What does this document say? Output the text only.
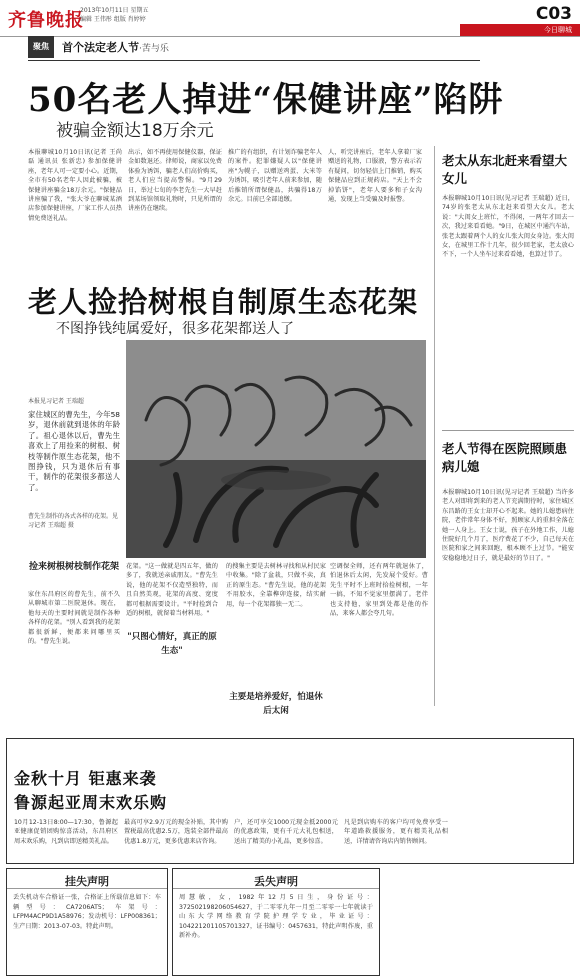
齐鲁晚报
2013年10月11日 星期五
编辑 王伟彤 组版 肖婷婷	C03
今日聊城
聚焦	首个法定老人节·苦与乐
50名老人掉进“保健讲座”陷阱
被骗金额达18万余元
本报聊城10月10日讯(记者 王尚磊 通讯员 张新忠) 参加保健讲座，老年人可一定要小心。近期，全市有50名老年人因此被骗，被保健讲座骗金18万余元。"保健品讲座骗了我，"张大爷在聊城某酒店参加保健讲座，厂家工作人员热情免费送礼品。
出示，如不再使用保健仪器，保证金如数退还。律师说，商家以免费体验为诱饵，骗老人们高价购买，老人们应当提高警惕。"9月29日，举过七旬的李老先生一大早赶到某场馆领取礼物时，只见所谓的讲座仍在继续。
推广的有组织，有计划诈骗老年人的案件。犯罪嫌疑人以"保健讲座"为幌子，以赠送鸡蛋、大米等为诱饵，吸引老年人前来参加，随后推销所谓保健品，共骗得18万余元。目前已全部追缴。
人，听完讲座后，老年人拿着厂家赠送的礼物，口服液，警方表示若有疑问，切勿轻信上门推销，购买保健品应到正规药店。"天上不会掉馅饼"，老年人要多和子女沟通，发现上当受骗及时报警。
老人捡拾树根自制原生态花架
不图挣钱纯属爱好，很多花架都送人了
本报见习记者 王瑞超
家住城区的曹先生，今年58岁，退休前就到退休的年龄了。祖心退休以后，曹先生喜欢上了用捡来的树根、树枝等制作原生态花架，他不图挣钱，只为退休后有事干，制作的花架很多都送人了。
曹先生制作的各式各样的花架。见习记者 王瑞超 摄
捡来树根树枝制作花架
家住东昌府区的曹先生，前不久从聊城市第二医院退休。现在，他每天的主要时间就是制作各种各样的花架。"别人看到我的花架都很新鲜，便都来问哪里买的。"曹先生说。
花架。"这一做就是四五年，做的多了，我就送亲戚朋友。"曹先生说，他的花架不仅造型独特，而且自然美观，花架的高度、宽度都可根据需要设计。"平时捡到合适的树根，就留着当材料用。"
"只图心情好，真正的原生态"
的搜集主要是去树林寻找和从村民家中收集。"除了盆栽，只做不卖，真正的原生态。"曹先生说，他的花架不用胶水，全靠榫卯连接，结实耐用，每一个花架都独一无二。
主要是培养爱好，怕退休后太闲
空调保全师，还有两年就退休了，怕退休后太闲，先发展个爱好。曹先生平时不上班时拾捡树根，一年一搞，不知不觉家里摆满了。老伴也支持他，家里到处都是他的作品，来客人都会夸几句。
老太从东北赶来看望大女儿
本报聊城10月10日讯(见习记者 王瑞超) 近日，74岁的张老太从东北赶来看望大女儿。老太说："大闺女上班忙，不得闲，一两年才回去一次，我过来看看她。"9日，在城区中通汽车站，张老太跟着两个人的女儿张大闺女身边。张大闺女，在城里工作十几年，很少回老家，老太放心不下，一个人坐车过来看看她，也算过节了。
老人节得在医院照顾患病儿媳
本报聊城10月10日讯(见习记者 王瑞超) 当许多老人对即将到来的老人节充满期待时，家住城区东昌路的王女士却开心不起来。她的儿媳患病住院，老伴常年身体不好，照顾家人的重担全落在她一人身上。王女士说，孩子在外地工作，儿媳住院好几个月了，医疗费花了不少，自己每天在医院和家之间来回跑，根本顾不上过节。"能安安稳稳地过日子，就是最好的节日了。"
金秋十月 钜惠来袭
鲁源起亚周末欢乐购
10月12-13日8:00—17:30，鲁源起亚健康促销团购惊喜活动，东昌府区周末欢乐购，凡到店即送精美礼品。
最高可享2.9万元的现金补贴，其中购置税最高优惠2.5万，选装全部件最高优惠1.8万元，更多优惠来店咨询。
户，还可享交1000元现金抵2000元的优惠政策，更有千元大礼包相送，送出了精美的小礼品，更多惊喜。
凡是到店购车的客户均可免费享受一年道路救援服务，更有精美礼品相送，详情请咨询店内销售顾问。
挂失声明
丢失机动车合格证一张，合格证上所载信息如下：车辆型号：CA7206AT5；车架号：LFPM4ACP9D1A58976；发动机号：LFP008361；生产日期：2013-07-03。特此声明。
丢失声明
周慧敏，女，1982年12月5日生，身份证号：372502198206054627，于二零零九年一月至二零零一七年就读于山东大学网络教育学院护理学专业，毕业证号：104221201105701327，证书编号：0457631，特此声明作废，重新补办。
